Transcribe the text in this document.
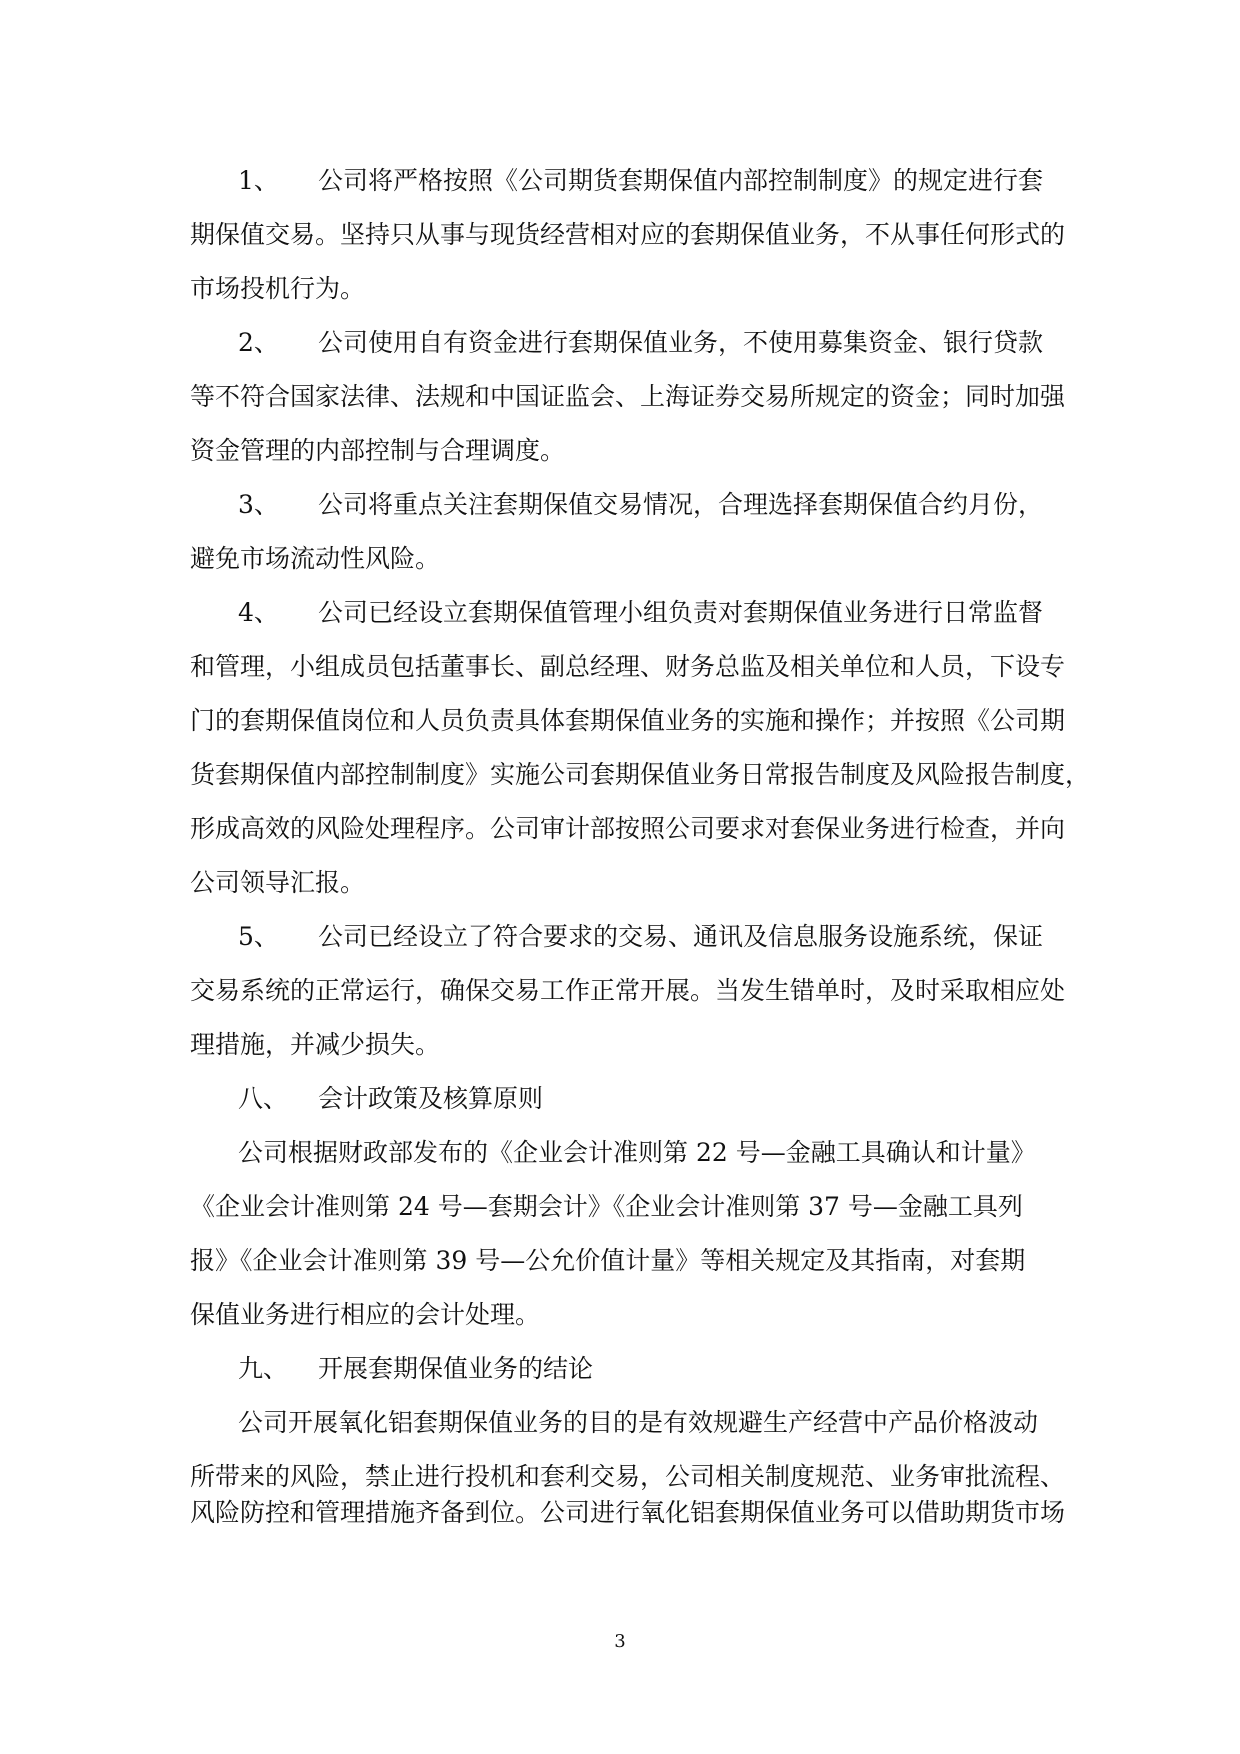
1、 公司将严格按照《公司期货套期保值内部控制制度》的规定进行套
期保值交易。坚持只从事与现货经营相对应的套期保值业务，不从事任何形式的
市场投机行为。
2、 公司使用自有资金进行套期保值业务，不使用募集资金、银行贷款
等不符合国家法律、法规和中国证监会、上海证券交易所规定的资金；同时加强
资金管理的内部控制与合理调度。
3、 公司将重点关注套期保值交易情况，合理选择套期保值合约月份，
避免市场流动性风险。
4、 公司已经设立套期保值管理小组负责对套期保值业务进行日常监督
和管理，小组成员包括董事长、副总经理、财务总监及相关单位和人员，下设专
门的套期保值岗位和人员负责具体套期保值业务的实施和操作；并按照《公司期
货套期保值内部控制制度》实施公司套期保值业务日常报告制度及风险报告制度，
形成高效的风险处理程序。公司审计部按照公司要求对套保业务进行检查，并向
公司领导汇报。
5、 公司已经设立了符合要求的交易、通讯及信息服务设施系统，保证
交易系统的正常运行，确保交易工作正常开展。当发生错单时，及时采取相应处
理措施，并减少损失。
八、 会计政策及核算原则
公司根据财政部发布的《企业会计准则第 22 号—金融工具确认和计量》
《企业会计准则第 24 号—套期会计》《企业会计准则第 37 号—金融工具列
报》《企业会计准则第 39 号—公允价值计量》等相关规定及其指南，对套期
保值业务进行相应的会计处理。
九、 开展套期保值业务的结论
公司开展氧化铝套期保值业务的目的是有效规避生产经营中产品价格波动
所带来的风险，禁止进行投机和套利交易，公司相关制度规范、业务审批流程、
风险防控和管理措施齐备到位。公司进行氧化铝套期保值业务可以借助期货市场
3
